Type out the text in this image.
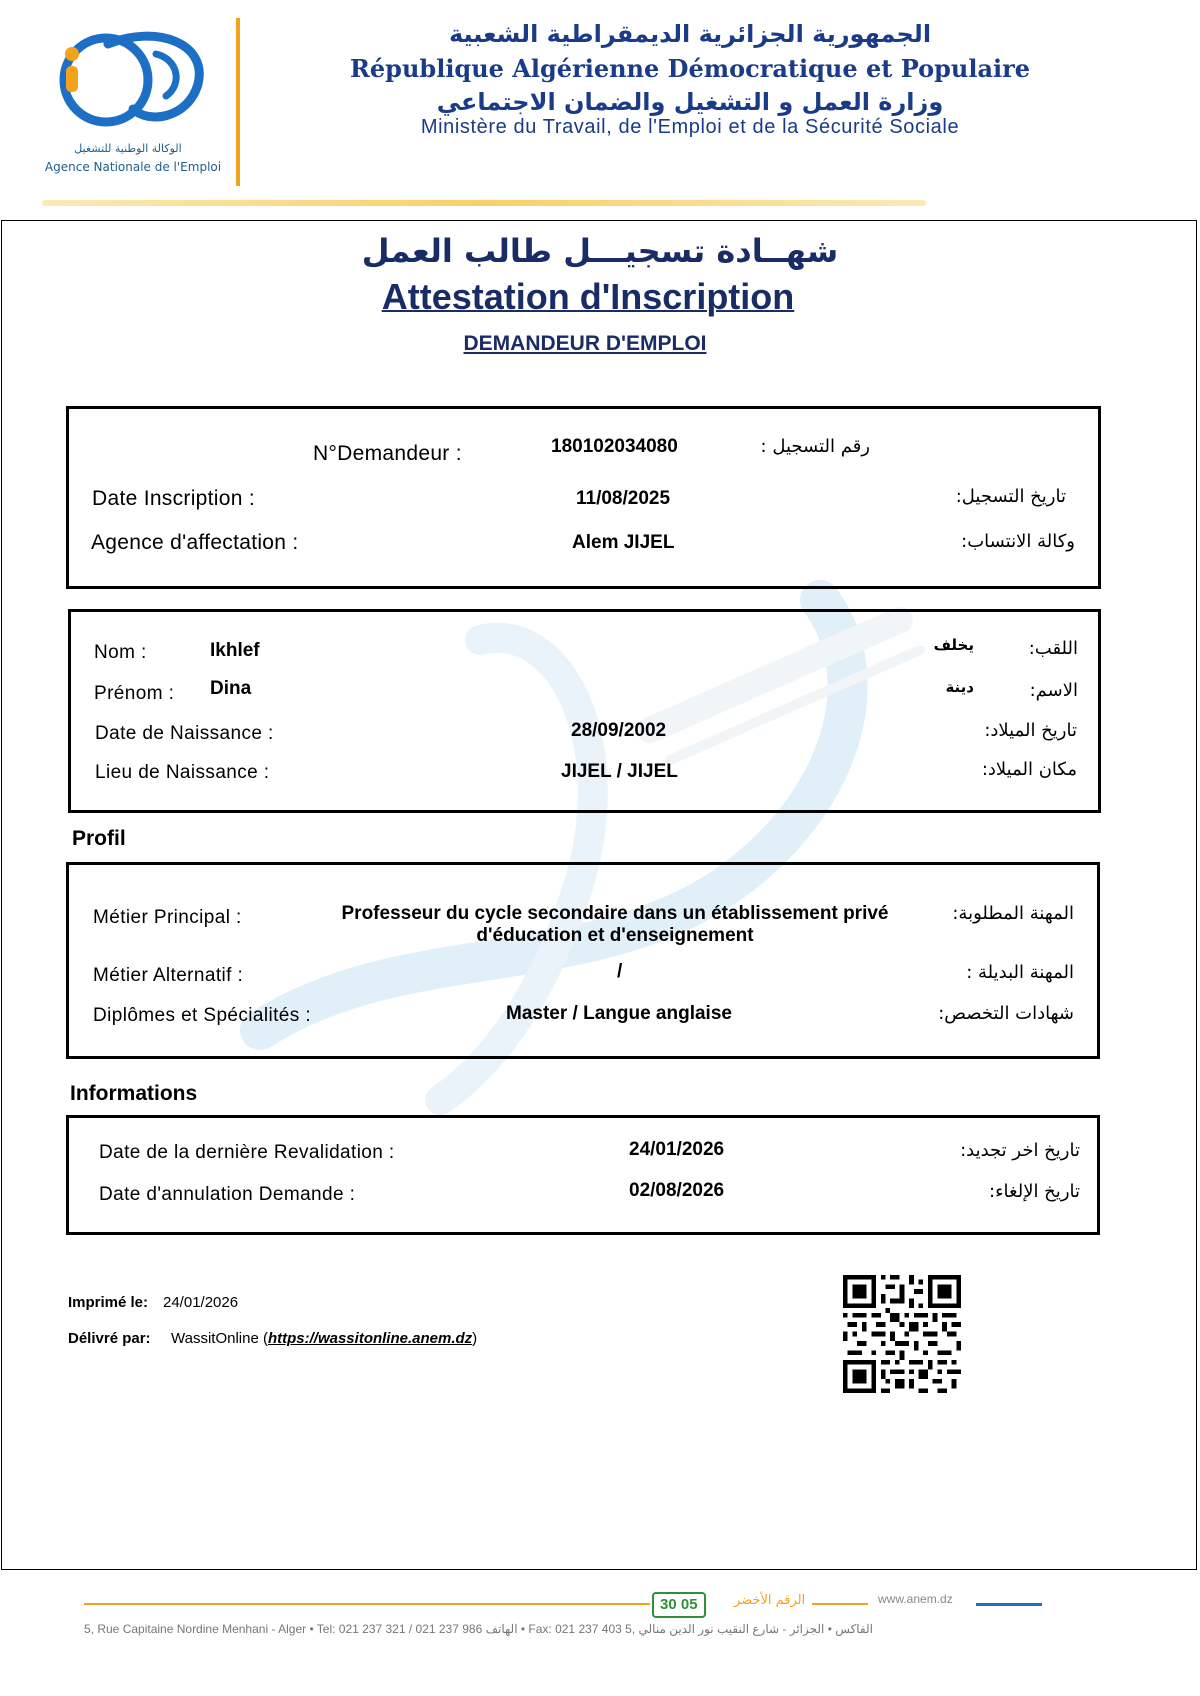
الوكالة الوطنية للتشغيل
Agence Nationale de l'Emploi
الجمهورية الجزائرية الديمقراطية الشعبية
République Algérienne Démocratique et Populaire
وزارة العمل و التشغيل والضمان الاجتماعي
Ministère du Travail, de l'Emploi et de la Sécurité Sociale
شهــادة تسجيـــل طالب العمل
Attestation d'Inscription
DEMANDEUR D'EMPLOI
N°Demandeur :	180102034080	رقم التسجيل :
Date Inscription :	11/08/2025	تاريخ التسجيل:
Agence d'affectation :	Alem JIJEL	وكالة الانتساب:
Nom :	Ikhlef	يخلف	اللقب:
Prénom : Dina	دينة	الاسم:
Date de Naissance :	28/09/2002	تاريخ الميلاد:
Lieu de Naissance :	JIJEL / JIJEL	مكان الميلاد:
Profil
Métier Principal :	Professeur du cycle secondaire dans un établissement privé
d'éducation et d'enseignement
المهنة المطلوبة:
Métier Alternatif :	/	المهنة البديلة :
Diplômes et Spécialités :	Master / Langue anglaise	شهادات التخصص:
Informations
Date de la dernière Revalidation :	24/01/2026	تاريخ اخر تجديد:
Date d'annulation Demande :	02/08/2026	تاريخ الإلغاء:
Imprimé le: 24/01/2026
Délivré par: WassitOnline (https://wassitonline.anem.dz)
30 05	الرقم الأخضر	www.anem.dz
5, Rue Capitaine Nordine Menhani - Alger • Tel: 021 237 321 / 021 237 986 الهاتف • Fax: 021 237 403 الفاكس • الجزائر - شارع النقيب نور الدين منالي ,5
